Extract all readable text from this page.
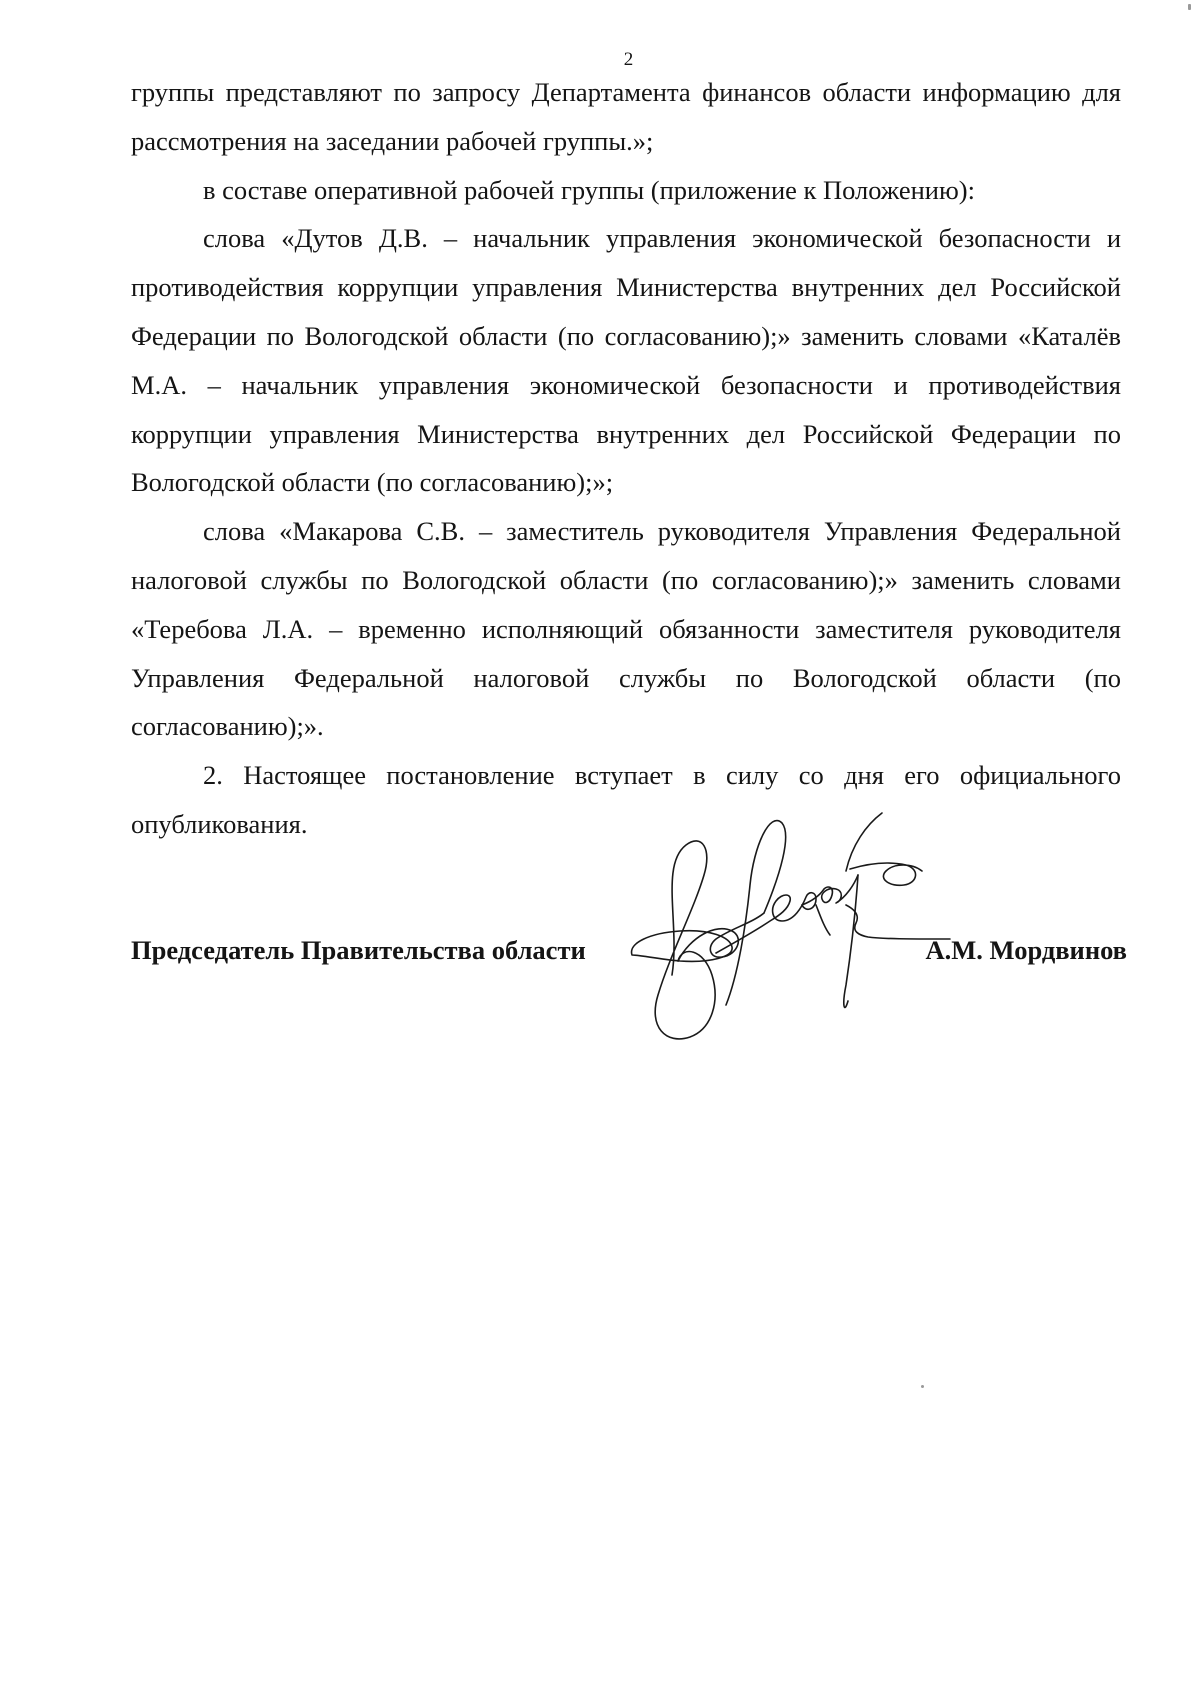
2

группы представляют по запросу Департамента финансов области информацию для рассмотрения на заседании рабочей группы.»;

в составе оперативной рабочей группы (приложение к Положению):

слова «Дутов Д.В. – начальник управления экономической безопасности и противодействия коррупции управления Министерства внутренних дел Российской Федерации по Вологодской области (по согласованию);» заменить словами «Каталёв М.А. – начальник управления экономической безопасности и противодействия коррупции управления Министерства внутренних дел Российской Федерации по Вологодской области (по согласованию);»;

слова «Макарова С.В. – заместитель руководителя Управления Федеральной налоговой службы по Вологодской области (по согласованию);» заменить словами «Теребова Л.А. – временно исполняющий обязанности заместителя руководителя Управления Федеральной налоговой службы по Вологодской области (по согласованию);».

2. Настоящее постановление вступает в силу со дня его официального опубликования.

Председатель Правительства области	А.М. Мордвинов
